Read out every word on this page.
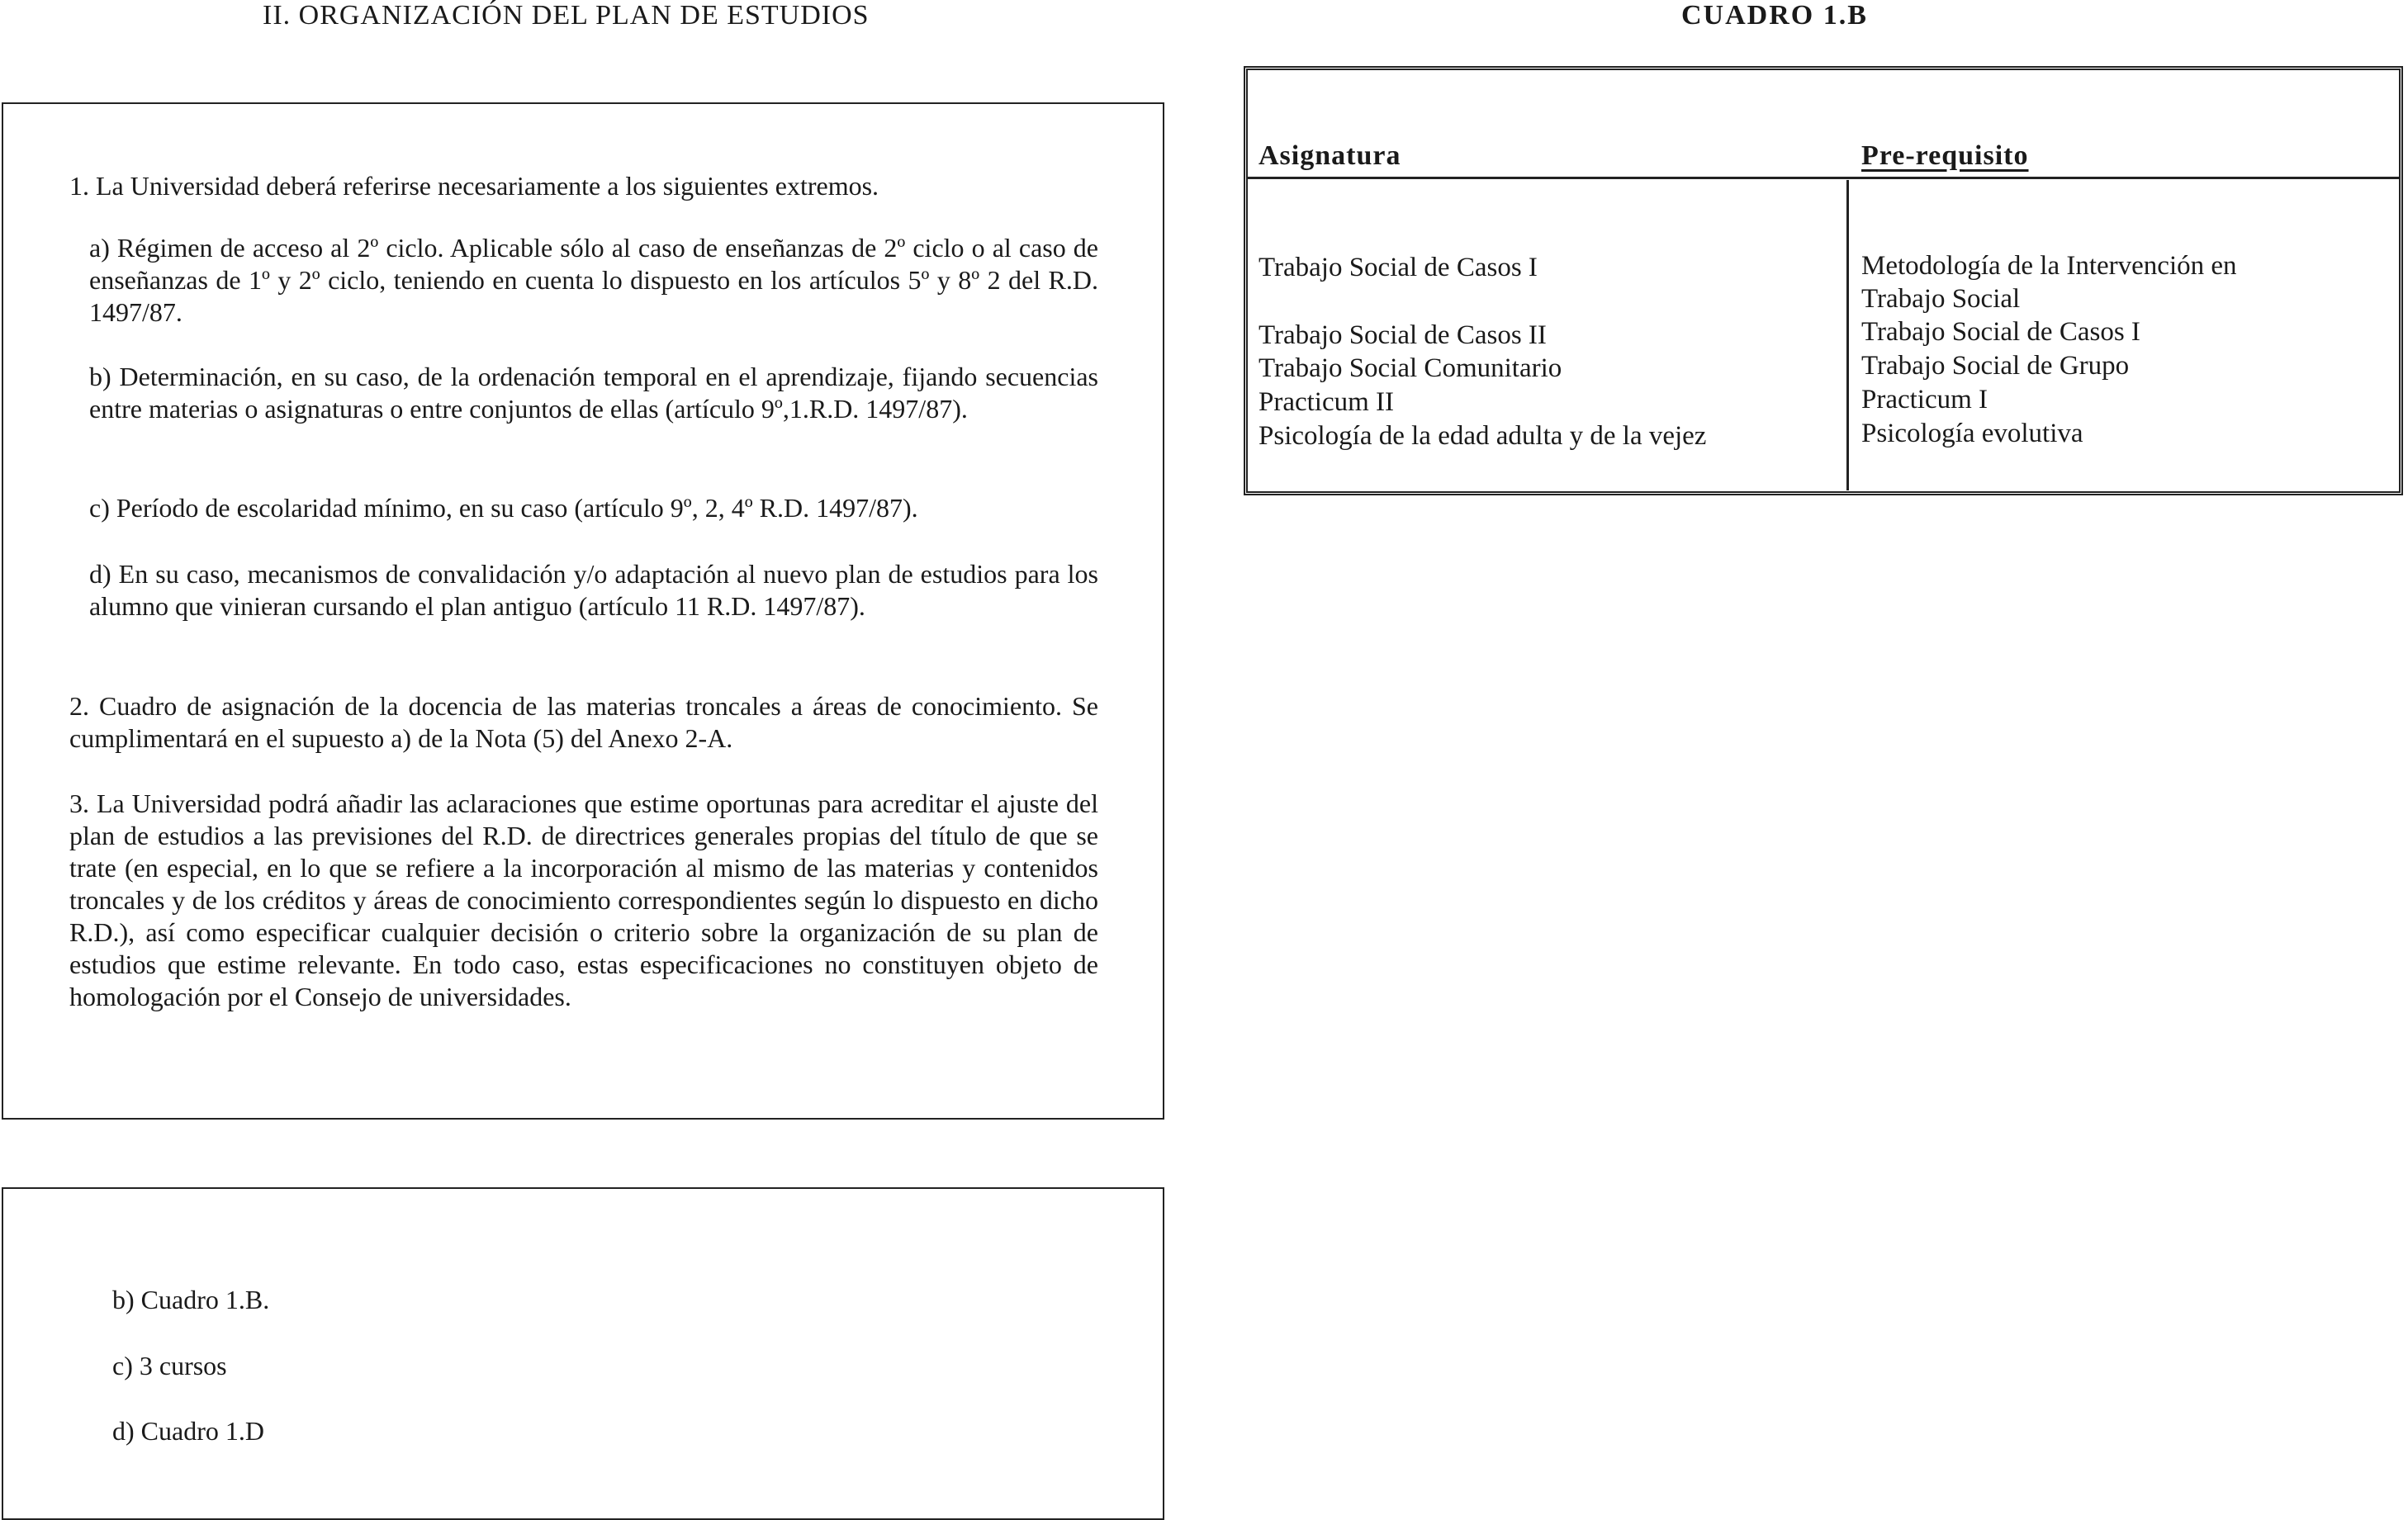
II. ORGANIZACIÓN DEL PLAN DE ESTUDIOS	CUADRO 1.B

1. La Universidad deberá referirse necesariamente a los siguientes extremos.

a) Régimen de acceso al 2º ciclo. Aplicable sólo al caso de enseñanzas de 2º ciclo o al caso de enseñanzas de 1º y 2º ciclo, teniendo en cuenta lo dispuesto en los artículos 5º y 8º 2 del R.D. 1497/87.

b) Determinación, en su caso, de la ordenación temporal en el aprendizaje, fijando secuencias entre materias o asignaturas o entre conjuntos de ellas (artículo 9º,1.R.D. 1497/87).

c) Período de escolaridad mínimo, en su caso (artículo 9º, 2, 4º R.D. 1497/87).

d) En su caso, mecanismos de convalidación y/o adaptación al nuevo plan de estudios para los alumno que vinieran cursando el plan antiguo (artículo 11 R.D. 1497/87).

2. Cuadro de asignación de la docencia de las materias troncales a áreas de conocimiento. Se cumplimentará en el supuesto a) de la Nota (5) del Anexo 2-A.

3. La Universidad podrá añadir las aclaraciones que estime oportunas para acreditar el ajuste del plan de estudios a las previsiones del R.D. de directrices generales propias del título de que se trate (en especial, en lo que se refiere a la incorporación al mismo de las materias y contenidos troncales y de los créditos y áreas de conocimiento correspondientes según lo dispuesto en dicho R.D.), así como especificar cualquier decisión o criterio sobre la organización de su plan de estudios que estime relevante. En todo caso, estas especificaciones no constituyen objeto de homologación por el Consejo de universidades.

b) Cuadro 1.B.
c) 3 cursos
d) Cuadro 1.D
Asignatura	Pre-requisito
Trabajo Social de Casos I	Metodología de la Intervención en
Trabajo Social
Trabajo Social de Casos II	Trabajo Social de Casos I
Trabajo Social Comunitario	Trabajo Social de Grupo
Practicum II	Practicum I
Psicología de la edad adulta y de la vejez	Psicología evolutiva
